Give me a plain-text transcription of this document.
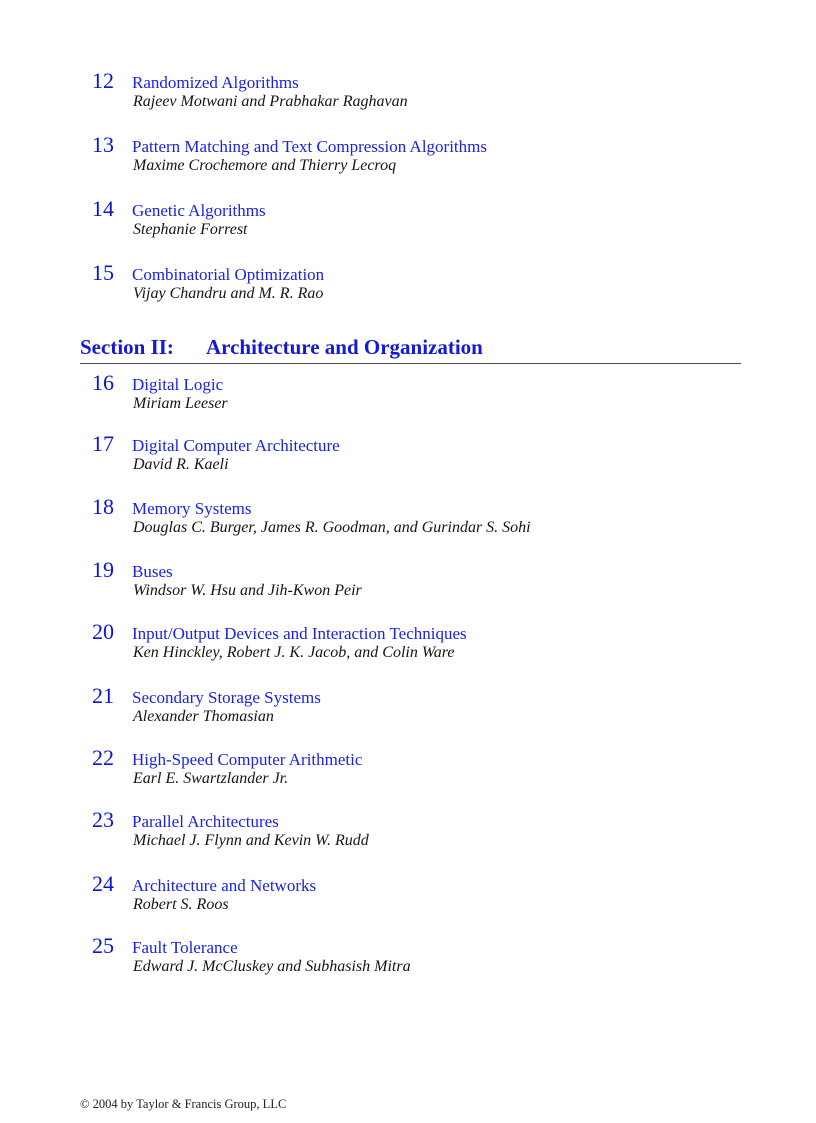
12	Randomized Algorithms
Rajeev Motwani and Prabhakar Raghavan
13	Pattern Matching and Text Compression Algorithms
Maxime Crochemore and Thierry Lecroq
14	Genetic Algorithms
Stephanie Forrest
15	Combinatorial Optimization
Vijay Chandru and M. R. Rao
Section II: Architecture and Organization
16	Digital Logic
Miriam Leeser
17	Digital Computer Architecture
David R. Kaeli
18	Memory Systems
Douglas C. Burger, James R. Goodman, and Gurindar S. Sohi
19	Buses
Windsor W. Hsu and Jih-Kwon Peir
20	Input/Output Devices and Interaction Techniques
Ken Hinckley, Robert J. K. Jacob, and Colin Ware
21	Secondary Storage Systems
Alexander Thomasian
22	High-Speed Computer Arithmetic
Earl E. Swartzlander Jr.
23	Parallel Architectures
Michael J. Flynn and Kevin W. Rudd
24	Architecture and Networks
Robert S. Roos
25	Fault Tolerance
Edward J. McCluskey and Subhasish Mitra
© 2004 by Taylor & Francis Group, LLC
